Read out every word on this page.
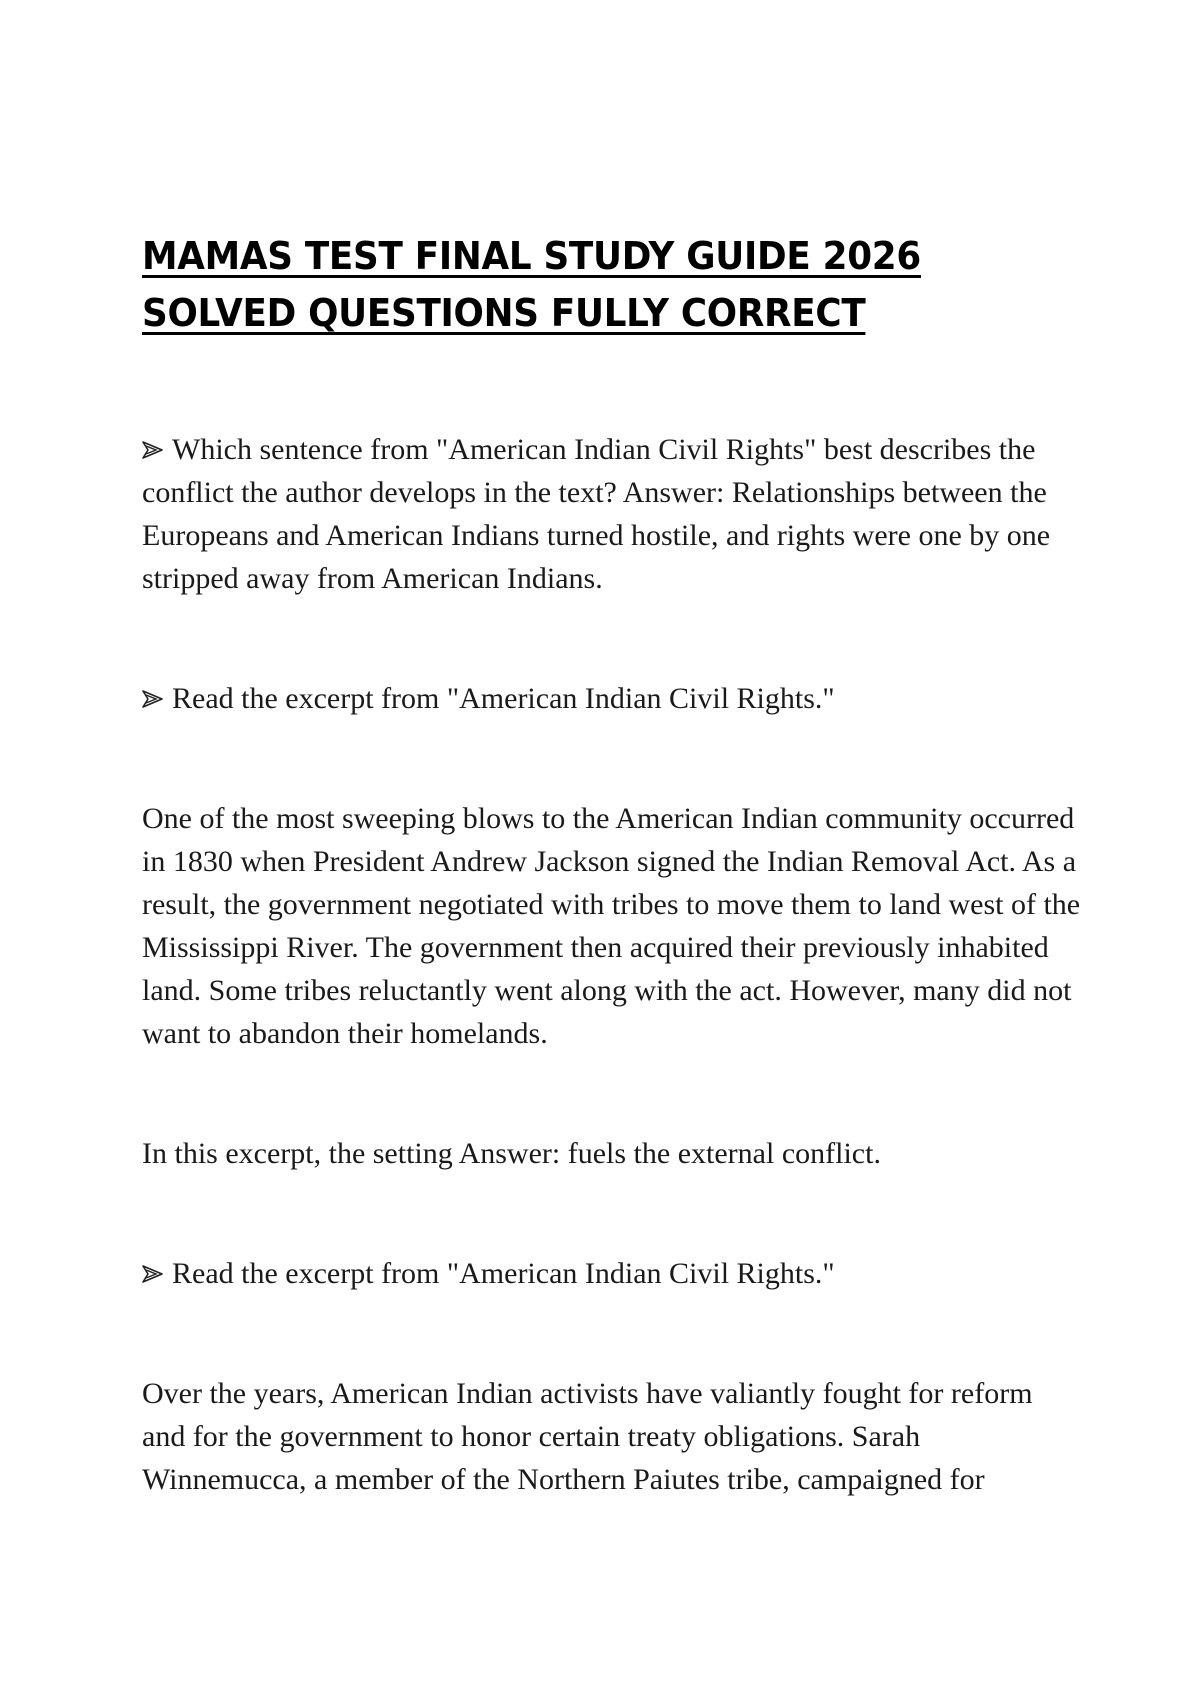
MAMAS TEST FINAL STUDY GUIDE 2026
SOLVED QUESTIONS FULLY CORRECT

Which sentence from "American Indian Civil Rights" best describes the conflict the author develops in the text? Answer: Relationships between the Europeans and American Indians turned hostile, and rights were one by one stripped away from American Indians.

Read the excerpt from "American Indian Civil Rights."

One of the most sweeping blows to the American Indian community occurred in 1830 when President Andrew Jackson signed the Indian Removal Act. As a result, the government negotiated with tribes to move them to land west of the Mississippi River. The government then acquired their previously inhabited land. Some tribes reluctantly went along with the act. However, many did not want to abandon their homelands.

In this excerpt, the setting Answer: fuels the external conflict.

Read the excerpt from "American Indian Civil Rights."

Over the years, American Indian activists have valiantly fought for reform and for the government to honor certain treaty obligations. Sarah Winnemucca, a member of the Northern Paiutes tribe, campaigned for
